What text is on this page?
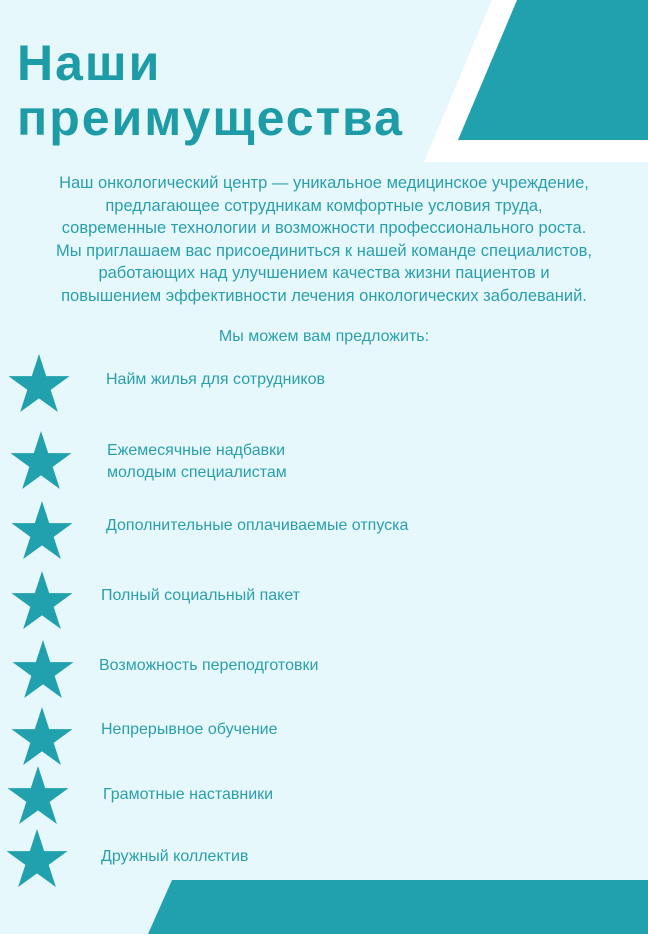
Наши
преимущества

Наш онкологический центр — уникальное медицинское учреждение,
предлагающее сотрудникам комфортные условия труда,
современные технологии и возможности профессионального роста.
Мы приглашаем вас присоединиться к нашей команде специалистов,
работающих над улучшением качества жизни пациентов и
повышением эффективности лечения онкологических заболеваний.

Мы можем вам предложить:

Найм жилья для сотрудников

Ежемесячные надбавки
молодым специалистам

Дополнительные оплачиваемые отпуска

Полный социальный пакет

Возможность переподготовки

Непрерывное обучение

Грамотные наставники

Дружный коллектив
